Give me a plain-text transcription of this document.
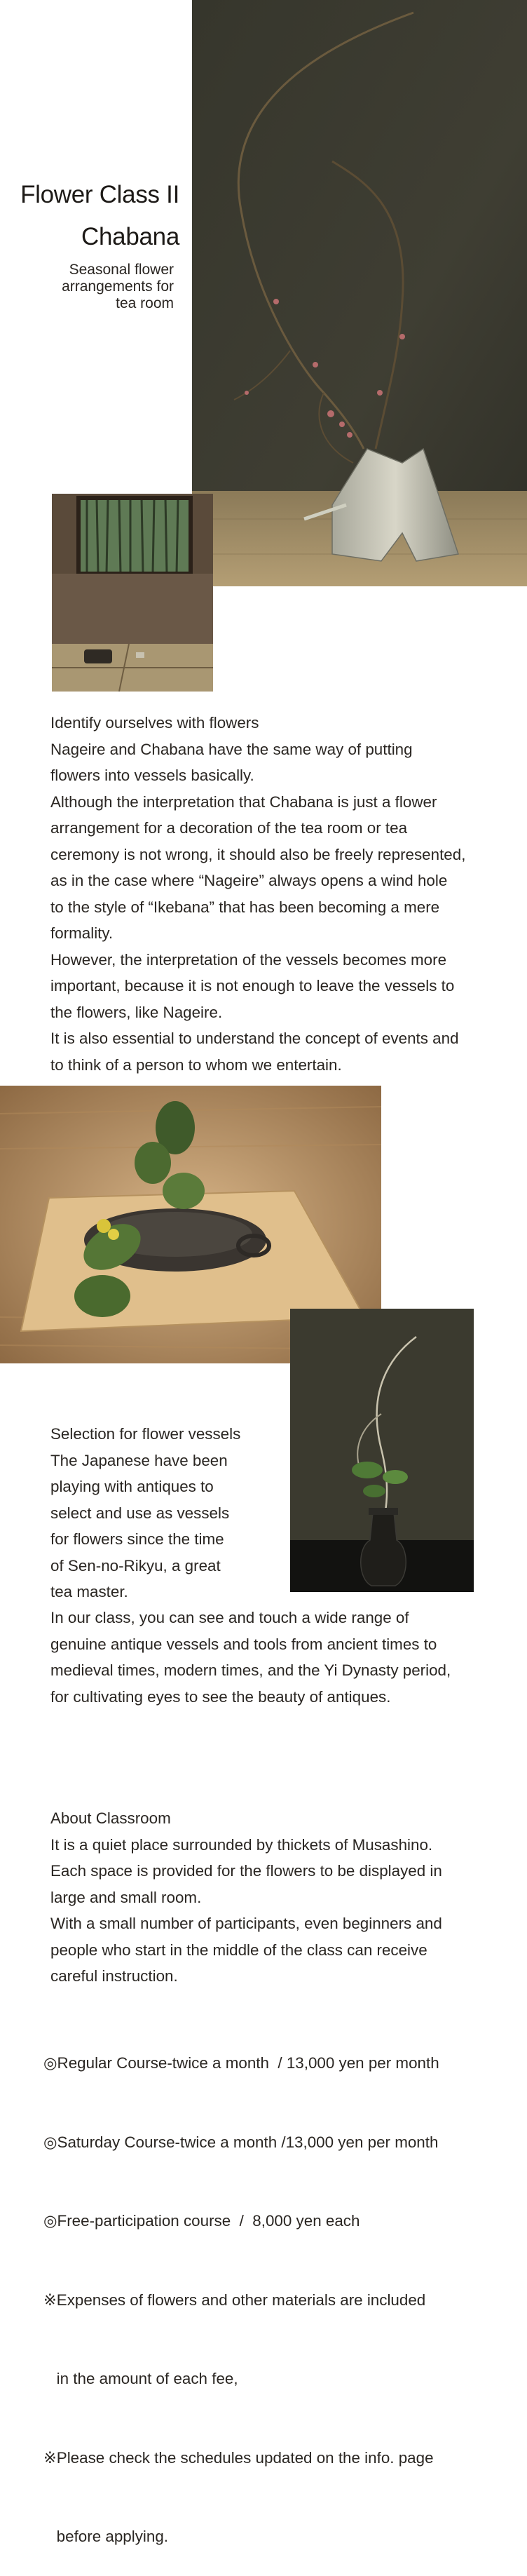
Flower Class II
Chabana
Seasonal flower
arrangements for
tea room

Identify ourselves with flowers

Nageire and Chabana have the same way of putting

flowers into vessels basically.

Although the interpretation that Chabana is just a flower

arrangement for a decoration of the tea room or tea

ceremony is not wrong, it should also be freely represented,

as in the case where “Nageire” always opens a wind hole

to the style of “Ikebana” that has been becoming a mere

formality.

However, the interpretation of the vessels becomes more

important, because it is not enough to leave the vessels to

the flowers, like Nageire.

It is also essential to understand the concept of events and

to think of a person to whom we entertain.

Selection for flower vessels

The Japanese have been

playing with antiques to

select and use as vessels

for flowers since the time

of Sen-no-Rikyu, a great

tea master.

In our class, you can see and touch a wide range of

genuine antique vessels and tools from ancient times to

medieval times, modern times, and the Yi Dynasty period,

for cultivating eyes to see the beauty of antiques.

About Classroom

It is a quiet place surrounded by thickets of Musashino.

Each space is provided for the flowers to be displayed in

large and small room.

With a small number of participants, even beginners and

people who start in the middle of the class can receive

careful instruction.

◎Regular Course-twice a month  / 13,000 yen per month

◎Saturday Course-twice a month /13,000 yen per month

◎Free-participation course  /  8,000 yen each

※Expenses of flowers and other materials are included

in the amount of each fee,

※Please check the schedules updated on the info. page

before applying.
